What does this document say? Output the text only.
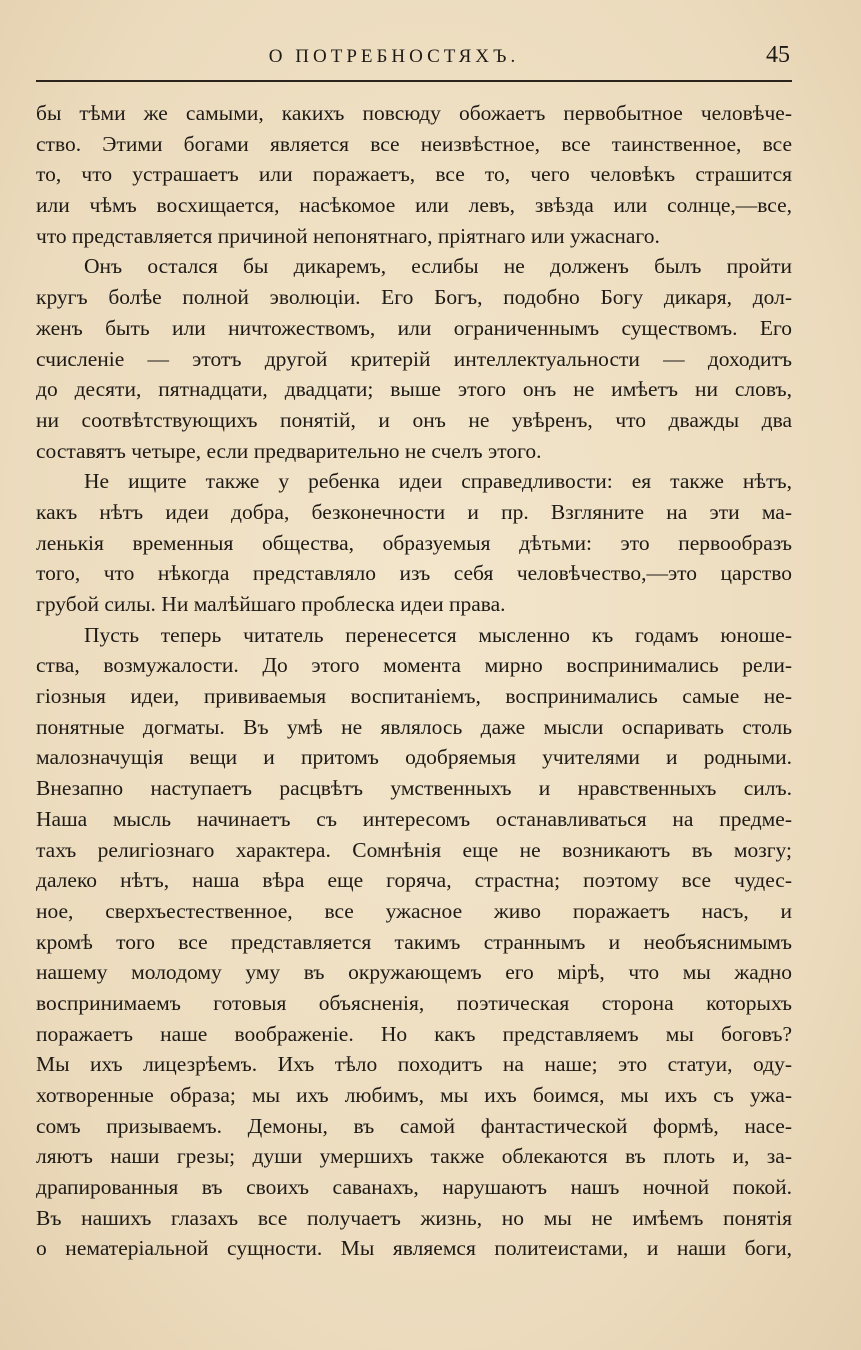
О ПОТРЕБНОСТЯХЪ.	45
бы тѣми же самыми, какихъ повсюду обожаетъ первобытное человѣче-
ство. Этими богами является все неизвѣстное, все таинственное, все
то, что устрашаетъ или поражаетъ, все то, чего человѣкъ страшится
или чѣмъ восхищается, насѣкомое или левъ, звѣзда или солнце,—все,
что представляется причиной непонятнаго, пріятнаго или ужаснаго.
Онъ остался бы дикаремъ, еслибы не долженъ былъ пройти
кругъ болѣе полной эволюціи. Его Богъ, подобно Богу дикаря, дол-
женъ быть или ничтожествомъ, или ограниченнымъ существомъ. Его
счисленіе — этотъ другой критерій интеллектуальности — доходитъ
до десяти, пятнадцати, двадцати; выше этого онъ не имѣетъ ни словъ,
ни соотвѣтствующихъ понятій, и онъ не увѣренъ, что дважды два
составятъ четыре, если предварительно не счелъ этого.
Не ищите также у ребенка идеи справедливости: ея также нѣтъ,
какъ нѣтъ идеи добра, безконечности и пр. Взгляните на эти ма-
ленькія временныя общества, образуемыя дѣтьми: это первообразъ
того, что нѣкогда представляло изъ себя человѣчество,—это царство
грубой силы. Ни малѣйшаго проблеска идеи права.
Пусть теперь читатель перенесется мысленно къ годамъ юноше-
ства, возмужалости. До этого момента мирно воспринимались рели-
гіозныя идеи, прививаемыя воспитаніемъ, воспринимались самые не-
понятные догматы. Въ умѣ не являлось даже мысли оспаривать столь
малозначущія вещи и притомъ одобряемыя учителями и родными.
Внезапно наступаетъ расцвѣтъ умственныхъ и нравственныхъ силъ.
Наша мысль начинаетъ съ интересомъ останавливаться на предме-
тахъ религіознаго характера. Сомнѣнія еще не возникаютъ въ мозгу;
далеко нѣтъ, наша вѣра еще горяча, страстна; поэтому все чудес-
ное, сверхъестественное, все ужасное живо поражаетъ насъ, и
кромѣ того все представляется такимъ страннымъ и необъяснимымъ
нашему молодому уму въ окружающемъ его мірѣ, что мы жадно
воспринимаемъ готовыя объясненія, поэтическая сторона которыхъ
поражаетъ наше воображеніе. Но какъ представляемъ мы боговъ?
Мы ихъ лицезрѣемъ. Ихъ тѣло походитъ на наше; это статуи, оду-
хотворенные образа; мы ихъ любимъ, мы ихъ боимся, мы ихъ съ ужа-
сомъ призываемъ. Демоны, въ самой фантастической формѣ, насе-
ляютъ наши грезы; души умершихъ также облекаются въ плоть и, за-
драпированныя въ своихъ саванахъ, нарушаютъ нашъ ночной покой.
Въ нашихъ глазахъ все получаетъ жизнь, но мы не имѣемъ понятія
о нематеріальной сущности. Мы являемся политеистами, и наши боги,
